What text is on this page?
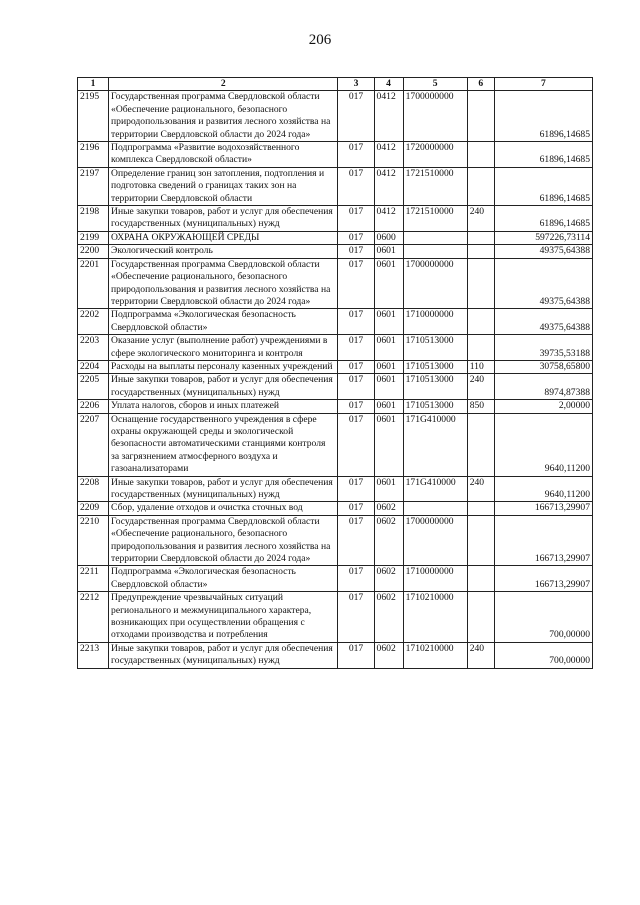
206
1	2	3	4	5	6	7
2195	Государственная программа Свердловской области «Обеспечение рационального, безопасного природопользования и развития лесного хозяйства на территории Свердловской области до 2024 года»	017	0412	1700000000		61896,14685
2196	Подпрограмма «Развитие водохозяйственного комплекса Свердловской области»	017	0412	1720000000		61896,14685
2197	Определение границ зон затопления, подтопления и подготовка сведений о границах таких зон на территории Свердловской области	017	0412	1721510000		61896,14685
2198	Иные закупки товаров, работ и услуг для обеспечения государственных (муниципальных) нужд	017	0412	1721510000	240	61896,14685
2199	ОХРАНА ОКРУЖАЮЩЕЙ СРЕДЫ	017	0600			597226,73114
2200	Экологический контроль	017	0601			49375,64388
2201	Государственная программа Свердловской области «Обеспечение рационального, безопасного природопользования и развития лесного хозяйства на территории Свердловской области до 2024 года»	017	0601	1700000000		49375,64388
2202	Подпрограмма «Экологическая безопасность Свердловской области»	017	0601	1710000000		49375,64388
2203	Оказание услуг (выполнение работ) учреждениями в сфере экологического мониторинга и контроля	017	0601	1710513000		39735,53188
2204	Расходы на выплаты персоналу казенных учреждений	017	0601	1710513000	110	30758,65800
2205	Иные закупки товаров, работ и услуг для обеспечения государственных (муниципальных) нужд	017	0601	1710513000	240	8974,87388
2206	Уплата налогов, сборов и иных платежей	017	0601	1710513000	850	2,00000
2207	Оснащение государственного учреждения в сфере охраны окружающей среды и экологической безопасности автоматическими станциями контроля за загрязнением атмосферного воздуха и газоанализаторами	017	0601	171G410000		9640,11200
2208	Иные закупки товаров, работ и услуг для обеспечения государственных (муниципальных) нужд	017	0601	171G410000	240	9640,11200
2209	Сбор, удаление отходов и очистка сточных вод	017	0602			166713,29907
2210	Государственная программа Свердловской области «Обеспечение рационального, безопасного природопользования и развития лесного хозяйства на территории Свердловской области до 2024 года»	017	0602	1700000000		166713,29907
2211	Подпрограмма «Экологическая безопасность Свердловской области»	017	0602	1710000000		166713,29907
2212	Предупреждение чрезвычайных ситуаций регионального и межмуниципального характера, возникающих при осуществлении обращения с отходами производства и потребления	017	0602	1710210000		700,00000
2213	Иные закупки товаров, работ и услуг для обеспечения государственных (муниципальных) нужд	017	0602	1710210000	240	700,00000
